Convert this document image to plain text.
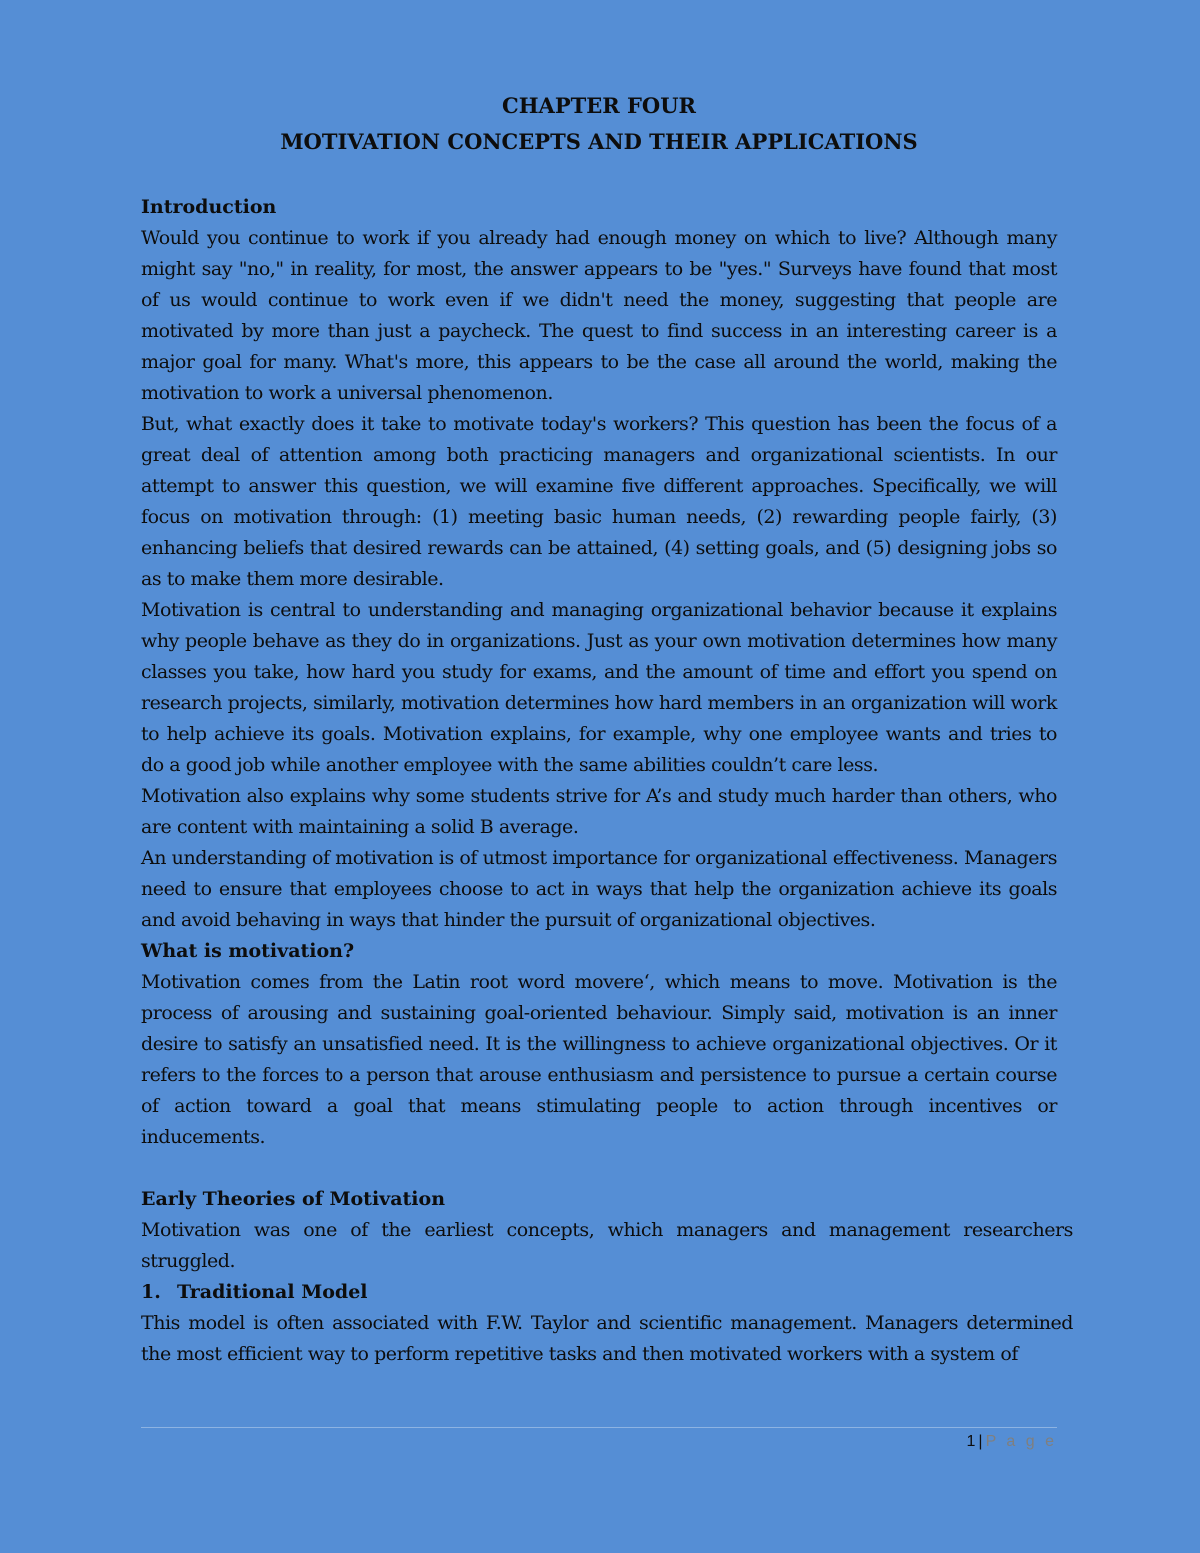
CHAPTER FOUR

MOTIVATION CONCEPTS AND THEIR APPLICATIONS

Introduction

Would you continue to work if you already had enough money on which to live? Although many might say "no," in reality, for most, the answer appears to be "yes." Surveys have found that most of us would continue to work even if we didn't need the money, suggesting that people are motivated by more than just a paycheck. The quest to find success in an interesting career is a major goal for many. What's more, this appears to be the case all around the world, making the motivation to work a universal phenomenon.

But, what exactly does it take to motivate today's workers? This question has been the focus of a great deal of attention among both practicing managers and organizational scientists. In our attempt to answer this question, we will examine five different approaches. Specifically, we will focus on motivation through: (1) meeting basic human needs, (2) rewarding people fairly, (3) enhancing beliefs that desired rewards can be attained, (4) setting goals, and (5) designing jobs so as to make them more desirable.

Motivation is central to understanding and managing organizational behavior because it explains why people behave as they do in organizations. Just as your own motivation determines how many classes you take, how hard you study for exams, and the amount of time and effort you spend on research projects, similarly, motivation determines how hard members in an organization will work to help achieve its goals. Motivation explains, for example, why one employee wants and tries to do a good job while another employee with the same abilities couldn’t care less.

Motivation also explains why some students strive for A’s and study much harder than others, who are content with maintaining a solid B average.

An understanding of motivation is of utmost importance for organizational effectiveness. Managers need to ensure that employees choose to act in ways that help the organization achieve its goals and avoid behaving in ways that hinder the pursuit of organizational objectives.

What is motivation?

Motivation comes from the Latin root word movere‘, which means to move. Motivation is the process of arousing and sustaining goal-oriented behaviour. Simply said, motivation is an inner desire to satisfy an unsatisfied need. It is the willingness to achieve organizational objectives. Or it refers to the forces to a person that arouse enthusiasm and persistence to pursue a certain course of action toward a goal that means stimulating people to action through incentives or inducements.

Early Theories of Motivation

Motivation was one of the earliest concepts, which managers and management researchers struggled.

1. Traditional Model

This model is often associated with F.W. Taylor and scientific management. Managers determined the most efficient way to perform repetitive tasks and then motivated workers with a system of

1 | P a g e
